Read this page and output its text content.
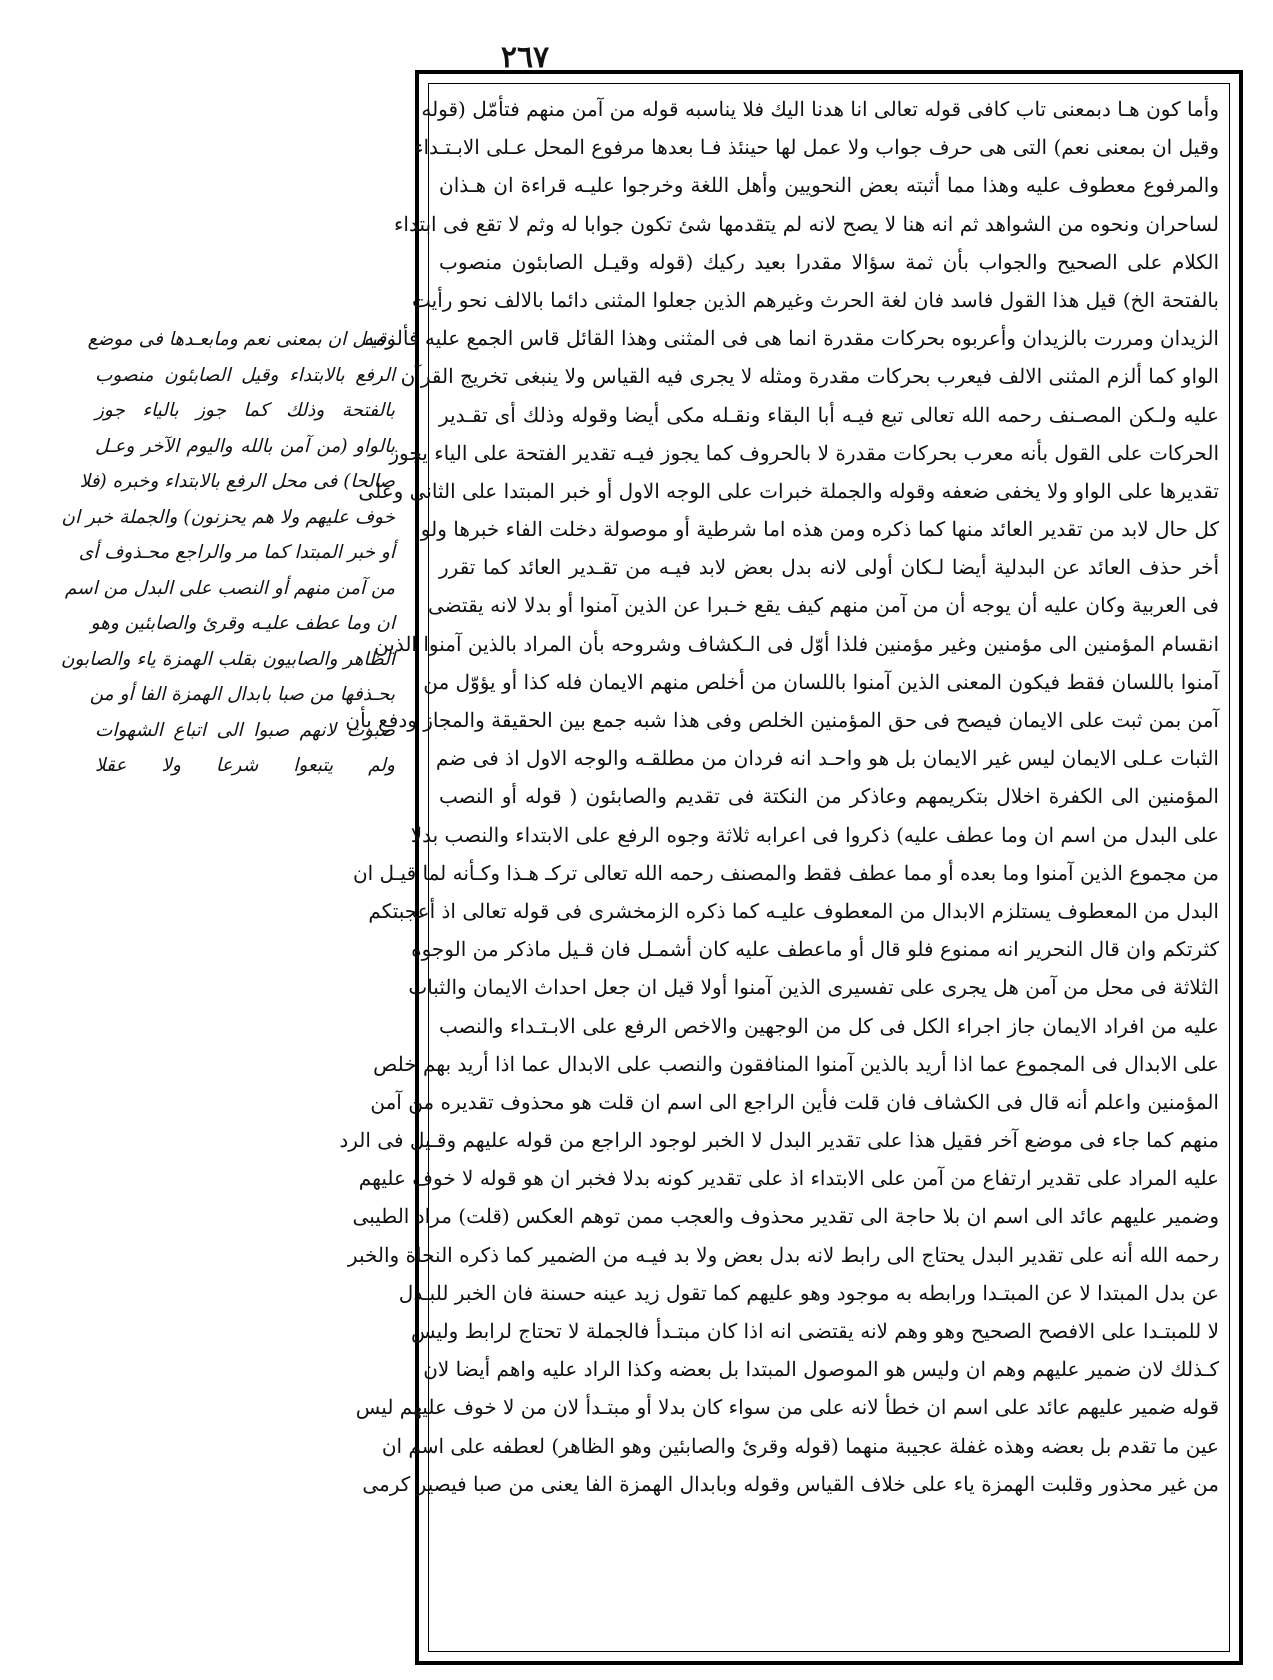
٢٦٧
وأما كون هـا دبمعنى تاب كافى قوله تعالى انا هدنا اليك فلا يناسبه قوله من آمن منهم فتأمّل (قوله
وقيل ان بمعنى نعم) التى هى حرف جواب ولا عمل لها حينئذ فـا بعدها مرفوع المحل عـلى الابـتـداء
والمرفوع معطوف عليه وهذا مما أثبته بعض النحويين وأهل اللغة وخرجوا عليـه قراءة ان هـذان
لساحران ونحوه من الشواهد ثم انه هنا لا يصح لانه لم يتقدمها شئ تكون جوابا له وثم لا تقع فى ابتداء
الكلام على الصحيح والجواب بأن ثمة سؤالا مقدرا بعيد ركيك (قوله وقيـل الصابئون منصوب
بالفتحة الخ) قيل هذا القول فاسد فان لغة الحرث وغيرهم الذين جعلوا المثنى دائما بالالف نحو رأيت
الزيدان ومررت بالزيدان وأعربوه بحركات مقدرة انما هى فى المثنى وهذا القائل قاس الجمع عليه فألزمه
الواو كما ألزم المثنى الالف فيعرب بحركات مقدرة ومثله لا يجرى فيه القياس ولا ينبغى تخريج القرآن
عليه ولـكن المصـنف رحمه الله تعالى تبع فيـه أبا البقاء ونقـله مكى أيضا وقوله وذلك أى تقـدير
الحركات على القول بأنه معرب بحركات مقدرة لا بالحروف كما يجوز فيـه تقدير الفتحة على الياء يجوز
تقديرها على الواو ولا يخفى ضعفه وقوله والجملة خبرات على الوجه الاول أو خبر المبتدا على الثانى وعلى
كل حال لابد من تقدير العائد منها كما ذكره ومن هذه اما شرطية أو موصولة دخلت الفاء خبرها ولو
أخر حذف العائد عن البدلية أيضا لـكان أولى لانه بدل بعض لابد فيـه من تقـدير العائد كما تقرر
فى العربية وكان عليه أن يوجه أن من آمن منهم كيف يقع خـبرا عن الذين آمنوا أو بدلا لانه يقتضى
انقسام المؤمنين الى مؤمنين وغير مؤمنين فلذا أوّل فى الـكشاف وشروحه بأن المراد بالذين آمنوا الذين
آمنوا باللسان فقط فيكون المعنى الذين آمنوا باللسان من أخلص منهم الايمان فله كذا أو يؤوّل من
آمن بمن ثبت على الايمان فيصح فى حق المؤمنين الخلص وفى هذا شبه جمع بين الحقيقة والمجاز ودفع بأن
الثبات عـلى الايمان ليس غير الايمان بل هو واحـد انه فردان من مطلقـه والوجه الاول اذ فى ضم
المؤمنين الى الكفرة اخلال بتكريمهم وعاذكر من النكتة فى تقديم والصابئون ( قوله أو النصب
على البدل من اسم ان وما عطف عليه) ذكروا فى اعرابه ثلاثة وجوه الرفع على الابتداء والنصب بدلا
من مجموع الذين آمنوا وما بعده أو مما عطف فقط والمصنف رحمه الله تعالى تركـ هـذا وكـأنه لما قيـل ان
البدل من المعطوف يستلزم الابدال من المعطوف عليـه كما ذكره الزمخشرى فى قوله تعالى اذ أعجبتكم
كثرتكم وان قال النحرير انه ممنوع فلو قال أو ماعطف عليه كان أشمـل فان قـيل ماذكر من الوجوه
الثلاثة فى محل من آمن هل يجرى على تفسيرى الذين آمنوا أولا قيل ان جعل احداث الايمان والثبات
عليه من افراد الايمان جاز اجراء الكل فى كل من الوجهين والاخص الرفع على الابـتـداء والنصب
على الابدال فى المجموع عما اذا أريد بالذين آمنوا المنافقون والنصب على الابدال عما اذا أريد بهم خلص
المؤمنين واعلم أنه قال فى الكشاف فان قلت فأين الراجع الى اسم ان قلت هو محذوف تقديره من آمن
منهم كما جاء فى موضع آخر فقيل هذا على تقدير البدل لا الخبر لوجود الراجع من قوله عليهم وقـيل فى الرد
عليه المراد على تقدير ارتفاع من آمن على الابتداء اذ على تقدير كونه بدلا فخبر ان هو قوله لا خوف عليهم
وضمير عليهم عائد الى اسم ان بلا حاجة الى تقدير محذوف والعجب ممن توهم العكس (قلت) مراد الطيبى
رحمه الله أنه على تقدير البدل يحتاج الى رابط لانه بدل بعض ولا بد فيـه من الضمير كما ذكره النحاة والخبر
عن بدل المبتدا لا عن المبتـدا ورابطه به موجود وهو عليهم كما تقول زيد عينه حسنة فان الخبر للبـدل
لا للمبتـدا على الافصح الصحيح وهو وهم لانه يقتضى انه اذا كان مبتـدأ فالجملة لا تحتاج لرابط وليس
كـذلك لان ضمير عليهم وهم ان وليس هو الموصول المبتدا بل بعضه وكذا الراد عليه واهم أيضا لان
قوله ضمير عليهم عائد على اسم ان خطأ لانه على من سواء كان بدلا أو مبتـدأ لان من لا خوف عليهم ليس
عين ما تقدم بل بعضه وهذه غفلة عجيبة منهما (قوله وقرئ والصابئين وهو الظاهر) لعطفه على اسم ان
من غير محذور وقلبت الهمزة ياء على خلاف القياس وقوله وبابدال الهمزة الفا يعنى من صبا فيصير كرمى
وقيـل ان بمعنى نعم ومابعـدها فى موضع
الرفع بالابتداء وقيل الصابئون منصوب
بالفتحة وذلك كما جوز بالياء جوز
بالواو (من آمن بالله واليوم الآخر وعـل
صالحا) فى محل الرفع بالابتداء وخبره (فلا
خوف عليهم ولا هم يحزنون) والجملة خبر ان
أو خبر المبتدا كما مر والراجع محـذوف أى
من آمن منهم أو النصب على البدل من اسم
ان وما عطف عليـه وقرئ والصابئين وهو
الظاهر والصابيون بقلب الهمزة ياء والصابون
بحـذفها من صبا بابدال الهمزة الفا أو من
صبوت لانهم صبوا الى اتباع الشهوات
ولم يتبعوا شرعا ولا عقلا
